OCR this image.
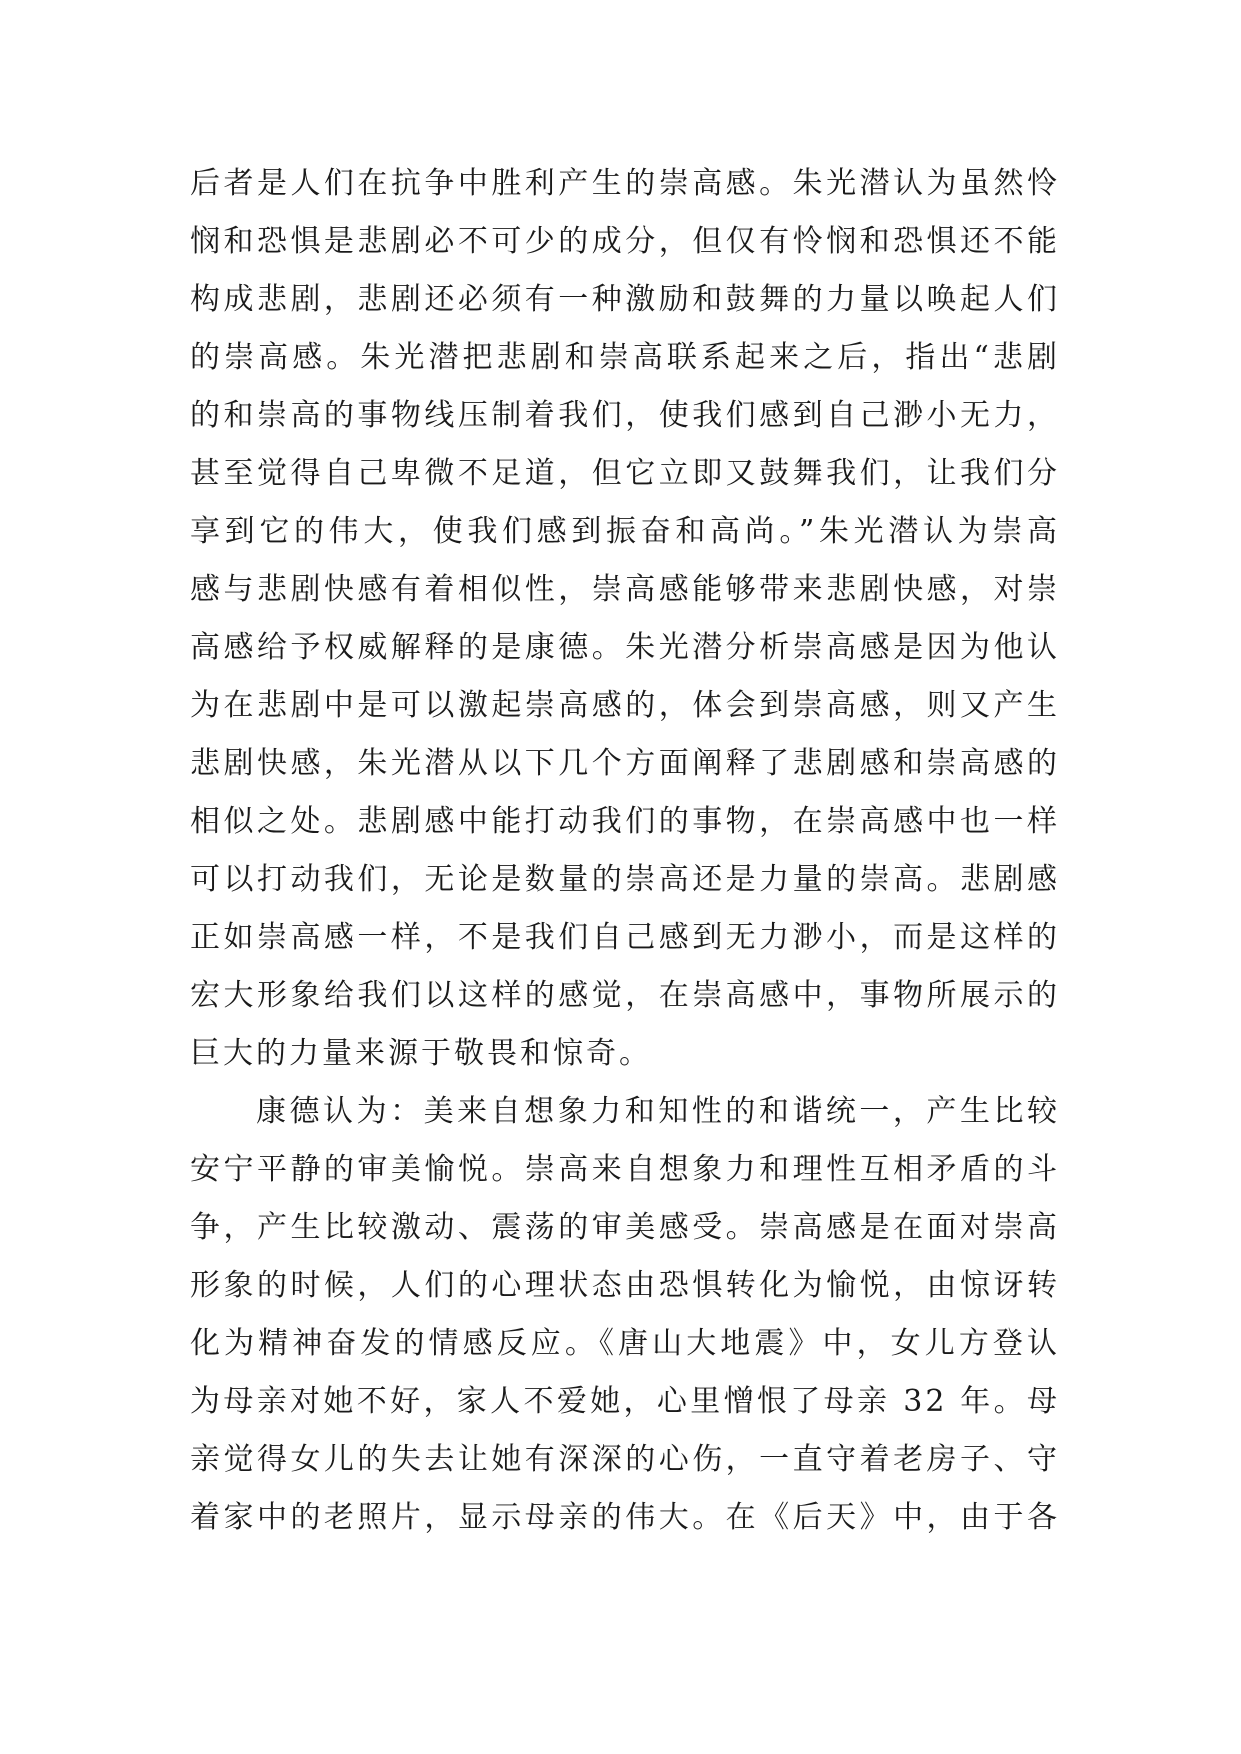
后者是人们在抗争中胜利产生的崇高感。朱光潜认为虽然怜
悯和恐惧是悲剧必不可少的成分，但仅有怜悯和恐惧还不能
构成悲剧，悲剧还必须有一种激励和鼓舞的力量以唤起人们
的崇高感。朱光潜把悲剧和崇高联系起来之后，指出“悲剧
的和崇高的事物线压制着我们，使我们感到自己渺小无力，
甚至觉得自己卑微不足道，但它立即又鼓舞我们，让我们分
享到它的伟大，使我们感到振奋和高尚。”朱光潜认为崇高
感与悲剧快感有着相似性，崇高感能够带来悲剧快感，对崇
高感给予权威解释的是康德。朱光潜分析崇高感是因为他认
为在悲剧中是可以激起崇高感的，体会到崇高感，则又产生
悲剧快感，朱光潜从以下几个方面阐释了悲剧感和崇高感的
相似之处。悲剧感中能打动我们的事物，在崇高感中也一样
可以打动我们，无论是数量的崇高还是力量的崇高。悲剧感
正如崇高感一样，不是我们自己感到无力渺小，而是这样的
宏大形象给我们以这样的感觉，在崇高感中，事物所展示的
巨大的力量来源于敬畏和惊奇。
康德认为：美来自想象力和知性的和谐统一，产生比较
安宁平静的审美愉悦。崇高来自想象力和理性互相矛盾的斗
争，产生比较激动、震荡的审美感受。崇高感是在面对崇高
形象的时候，人们的心理状态由恐惧转化为愉悦，由惊讶转
化为精神奋发的情感反应。《唐山大地震》中，女儿方登认
为母亲对她不好，家人不爱她，心里憎恨了母亲 32 年。母
亲觉得女儿的失去让她有深深的心伤，一直守着老房子、守
着家中的老照片，显示母亲的伟大。在《后天》中，由于各
